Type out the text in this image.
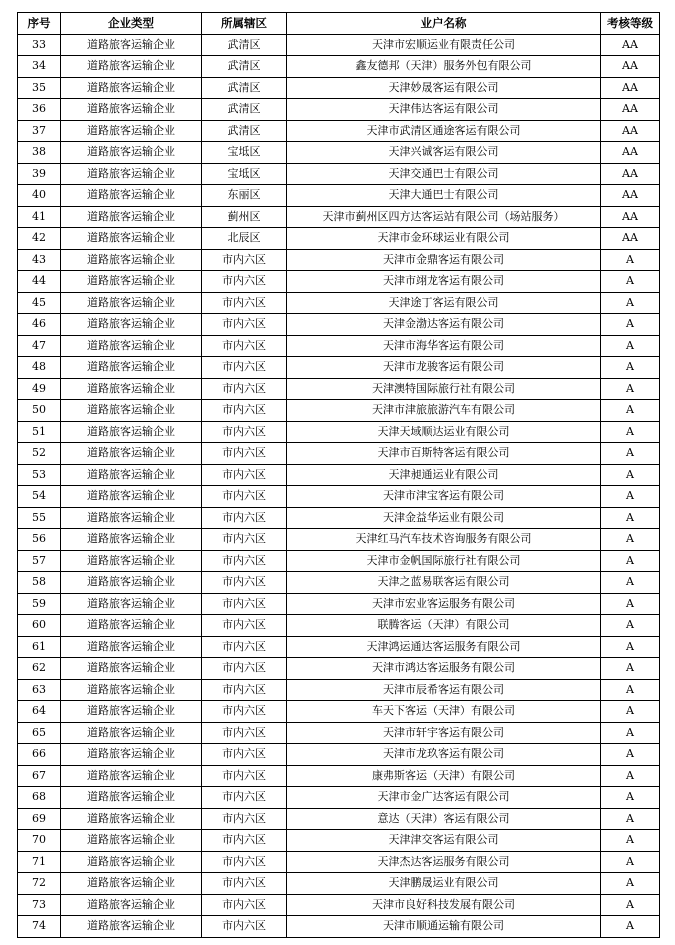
序号	企业类型	所属辖区	业户名称	考核等级
33	道路旅客运输企业	武清区	天津市宏顺运业有限责任公司	AA
34	道路旅客运输企业	武清区	鑫友德邦（天津）服务外包有限公司	AA
35	道路旅客运输企业	武清区	天津妙晟客运有限公司	AA
36	道路旅客运输企业	武清区	天津伟达客运有限公司	AA
37	道路旅客运输企业	武清区	天津市武清区通途客运有限公司	AA
38	道路旅客运输企业	宝坻区	天津兴诚客运有限公司	AA
39	道路旅客运输企业	宝坻区	天津交通巴士有限公司	AA
40	道路旅客运输企业	东丽区	天津大通巴士有限公司	AA
41	道路旅客运输企业	蓟州区	天津市蓟州区四方达客运站有限公司（场站服务）	AA
42	道路旅客运输企业	北辰区	天津市金环球运业有限公司	AA
43	道路旅客运输企业	市内六区	天津市金鼎客运有限公司	A
44	道路旅客运输企业	市内六区	天津市翊龙客运有限公司	A
45	道路旅客运输企业	市内六区	天津途丁客运有限公司	A
46	道路旅客运输企业	市内六区	天津金渤达客运有限公司	A
47	道路旅客运输企业	市内六区	天津市海华客运有限公司	A
48	道路旅客运输企业	市内六区	天津市龙骏客运有限公司	A
49	道路旅客运输企业	市内六区	天津澳特国际旅行社有限公司	A
50	道路旅客运输企业	市内六区	天津市津旅旅游汽车有限公司	A
51	道路旅客运输企业	市内六区	天津天域顺达运业有限公司	A
52	道路旅客运输企业	市内六区	天津市百斯特客运有限公司	A
53	道路旅客运输企业	市内六区	天津昶通运业有限公司	A
54	道路旅客运输企业	市内六区	天津市津宝客运有限公司	A
55	道路旅客运输企业	市内六区	天津金益华运业有限公司	A
56	道路旅客运输企业	市内六区	天津红马汽车技术咨询服务有限公司	A
57	道路旅客运输企业	市内六区	天津市金帆国际旅行社有限公司	A
58	道路旅客运输企业	市内六区	天津之蓝易联客运有限公司	A
59	道路旅客运输企业	市内六区	天津市宏业客运服务有限公司	A
60	道路旅客运输企业	市内六区	联腾客运（天津）有限公司	A
61	道路旅客运输企业	市内六区	天津鸿运通达客运服务有限公司	A
62	道路旅客运输企业	市内六区	天津市鸿达客运服务有限公司	A
63	道路旅客运输企业	市内六区	天津市辰希客运有限公司	A
64	道路旅客运输企业	市内六区	车天下客运（天津）有限公司	A
65	道路旅客运输企业	市内六区	天津市轩宇客运有限公司	A
66	道路旅客运输企业	市内六区	天津市龙玖客运有限公司	A
67	道路旅客运输企业	市内六区	康弗斯客运（天津）有限公司	A
68	道路旅客运输企业	市内六区	天津市金广达客运有限公司	A
69	道路旅客运输企业	市内六区	意达（天津）客运有限公司	A
70	道路旅客运输企业	市内六区	天津津交客运有限公司	A
71	道路旅客运输企业	市内六区	天津杰达客运服务有限公司	A
72	道路旅客运输企业	市内六区	天津鹏晟运业有限公司	A
73	道路旅客运输企业	市内六区	天津市良好科技发展有限公司	A
74	道路旅客运输企业	市内六区	天津市顺通运输有限公司	A
